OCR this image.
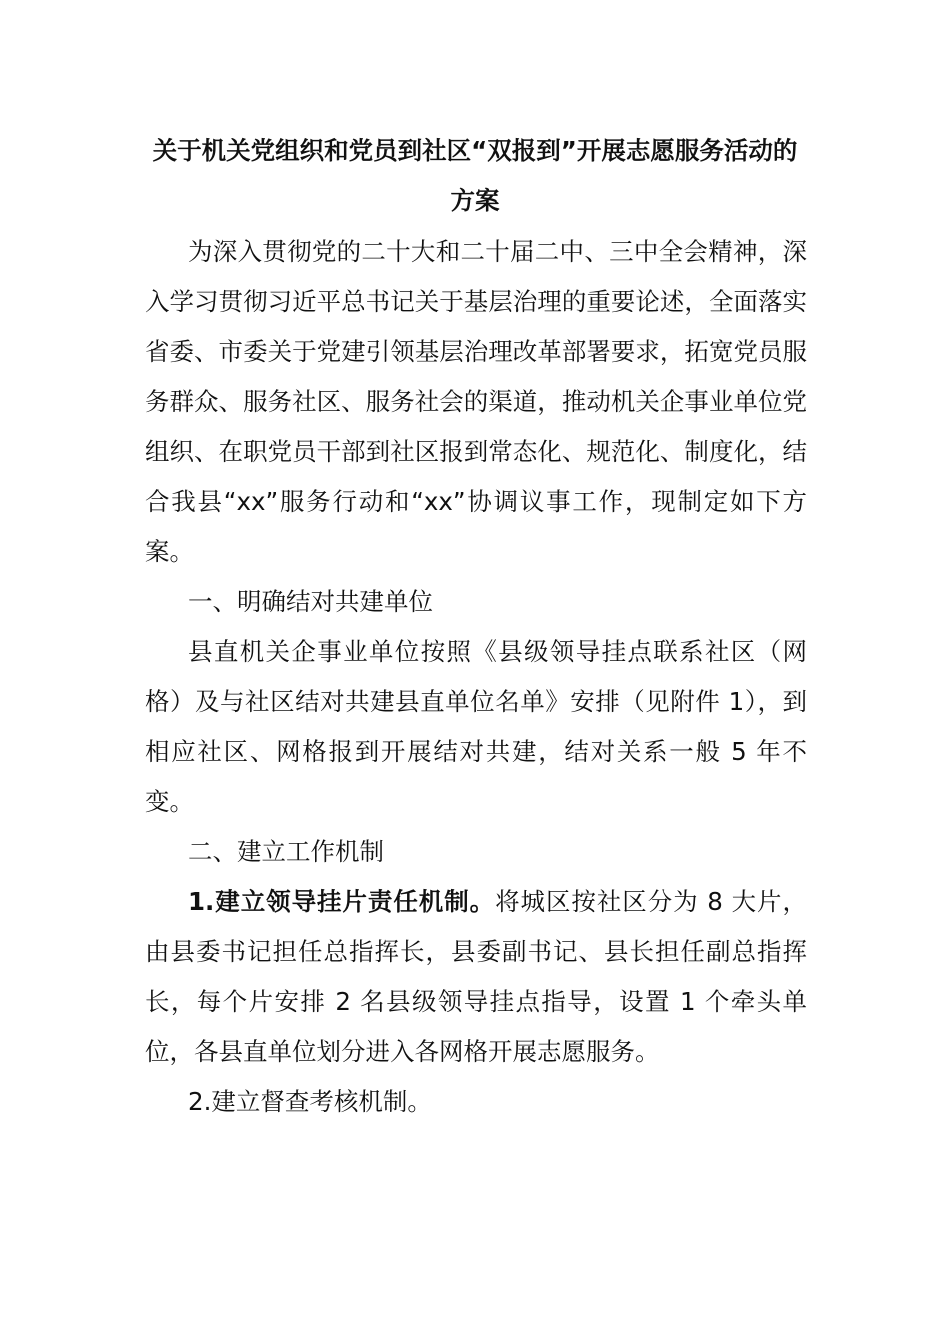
关于机关党组织和党员到社区“双报到”开展志愿服务活动的
方案

为深入贯彻党的二十大和二十届二中、三中全会精神，深入学习贯彻习近平总书记关于基层治理的重要论述，全面落实省委、市委关于党建引领基层治理改革部署要求，拓宽党员服务群众、服务社区、服务社会的渠道，推动机关企事业单位党组织、在职党员干部到社区报到常态化、规范化、制度化，结合我县“xx”服务行动和“xx”协调议事工作，现制定如下方案。

一、明确结对共建单位

县直机关企事业单位按照《县级领导挂点联系社区（网格）及与社区结对共建县直单位名单》安排（见附件 1），到相应社区、网格报到开展结对共建，结对关系一般 5 年不变。

二、建立工作机制

1.建立领导挂片责任机制。将城区按社区分为 8 大片，由县委书记担任总指挥长，县委副书记、县长担任副总指挥长，每个片安排 2 名县级领导挂点指导，设置 1 个牵头单位，各县直单位划分进入各网格开展志愿服务。

2.建立督查考核机制。
